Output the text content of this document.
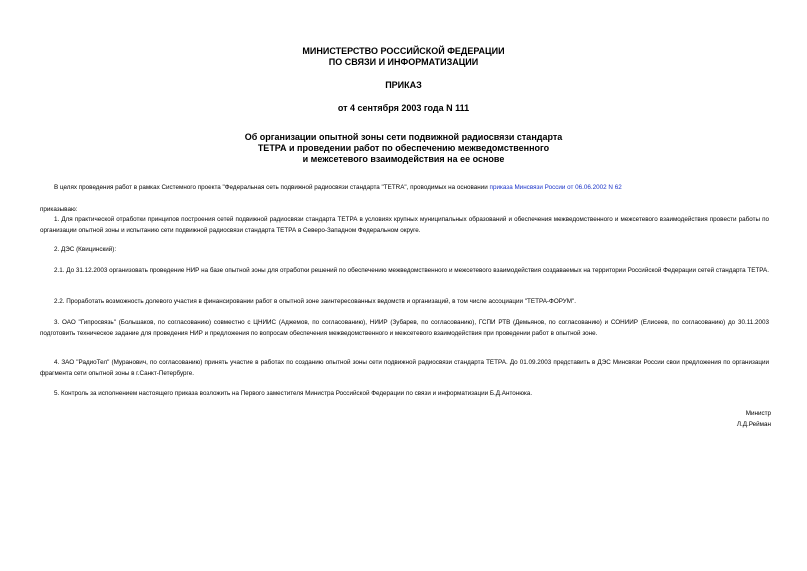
МИНИСТЕРСТВО РОССИЙСКОЙ ФЕДЕРАЦИИ
ПО СВЯЗИ И ИНФОРМАТИЗАЦИИ
ПРИКАЗ
от 4 сентября 2003 года N 111
Об организации опытной зоны сети подвижной радиосвязи стандарта
ТЕТРА и проведении работ по обеспечению межведомственного
и межсетевого взаимодействия на ее основе
В целях проведения работ в рамках Системного проекта "Федеральная сеть подвижной радиосвязи стандарта "TETRA", проводимых на основании приказа Минсвязи России от 06.06.2002 N 62
приказываю:
1. Для практической отработки принципов построения сетей подвижной радиосвязи стандарта ТЕТРА в условиях крупных муниципальных образований и обеспечения межведомственного и межсетевого взаимодействия провести работы по организации опытной зоны и испытанию сети подвижной радиосвязи стандарта ТЕТРА в Северо-Западном Федеральном округе.
2. ДЭС (Квицинский):
2.1. До 31.12.2003 организовать проведение НИР на базе опытной зоны для отработки решений по обеспечению межведомственного и межсетевого взаимодействия создаваемых на территории Российской Федерации сетей стандарта ТЕТРА.
2.2. Проработать возможность долевого участия в финансировании работ в опытной зоне заинтересованных ведомств и организаций, в том числе ассоциации "ТЕТРА-ФОРУМ".
3. ОАО "Гипросвязь" (Большаков, по согласованию) совместно с ЦНИИС (Аджемов, по согласованию), НИИР (Зубарев, по согласованию), ГСПИ РТВ (Демьянов, по согласованию) и СОНИИР (Елисеев, по согласованию) до 30.11.2003 подготовить техническое задание для проведения НИР и предложения по вопросам обеспечения межведомственного и межсетевого взаимодействия при проведении работ в опытной зоне.
4. ЗАО "РадиоТел" (Муранович, по согласованию) принять участие в работах по созданию опытной зоны сети подвижной радиосвязи стандарта ТЕТРА. До 01.09.2003 представить в ДЭС Минсвязи России свои предложения по организации фрагмента сети опытной зоны в г.Санкт-Петербурге.
5. Контроль за исполнением настоящего приказа возложить на Первого заместителя Министра Российской Федерации по связи и информатизации Б.Д.Антонюка.
Министр
Л.Д.Рейман
